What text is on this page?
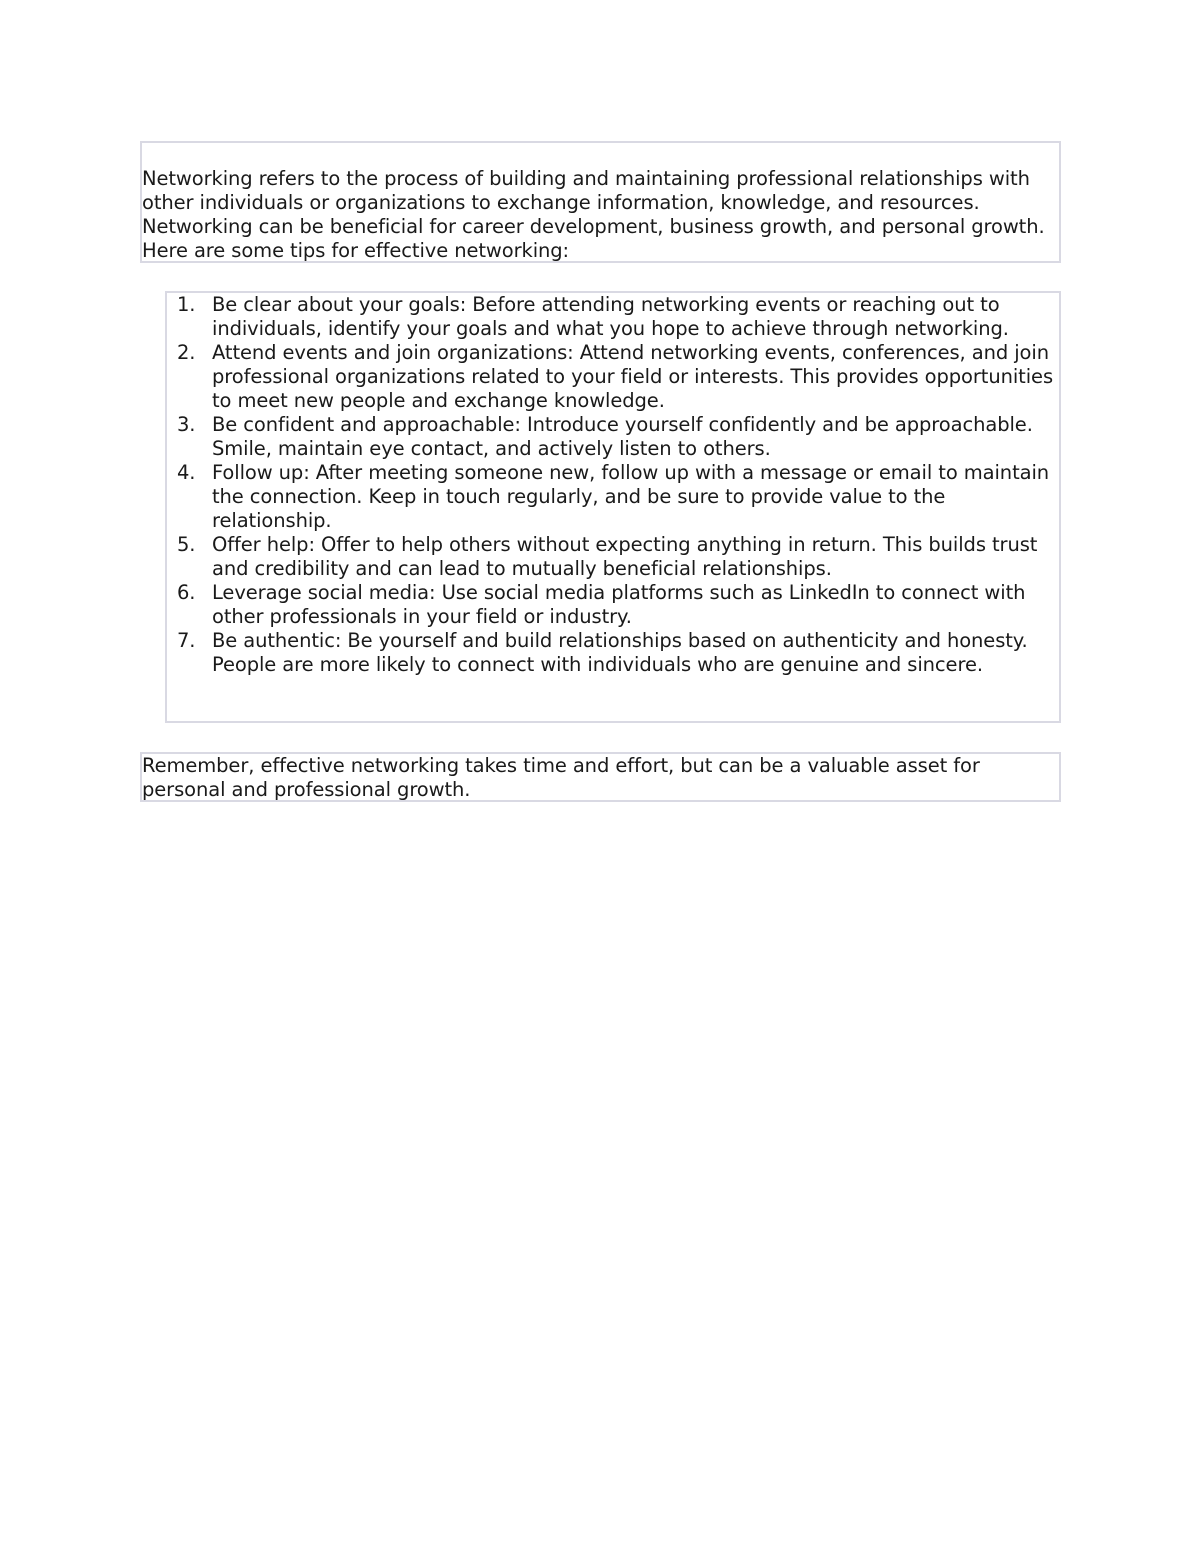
Networking refers to the process of building and maintaining professional relationships with other individuals or organizations to exchange information, knowledge, and resources. Networking can be beneficial for career development, business growth, and personal growth. Here are some tips for effective networking:

1. Be clear about your goals: Before attending networking events or reaching out to individuals, identify your goals and what you hope to achieve through networking.
2. Attend events and join organizations: Attend networking events, conferences, and join professional organizations related to your field or interests. This provides opportunities to meet new people and exchange knowledge.
3. Be confident and approachable: Introduce yourself confidently and be approachable. Smile, maintain eye contact, and actively listen to others.
4. Follow up: After meeting someone new, follow up with a message or email to maintain the connection. Keep in touch regularly, and be sure to provide value to the relationship.
5. Offer help: Offer to help others without expecting anything in return. This builds trust and credibility and can lead to mutually beneficial relationships.
6. Leverage social media: Use social media platforms such as LinkedIn to connect with other professionals in your field or industry.
7. Be authentic: Be yourself and build relationships based on authenticity and honesty. People are more likely to connect with individuals who are genuine and sincere.

Remember, effective networking takes time and effort, but can be a valuable asset for personal and professional growth.
